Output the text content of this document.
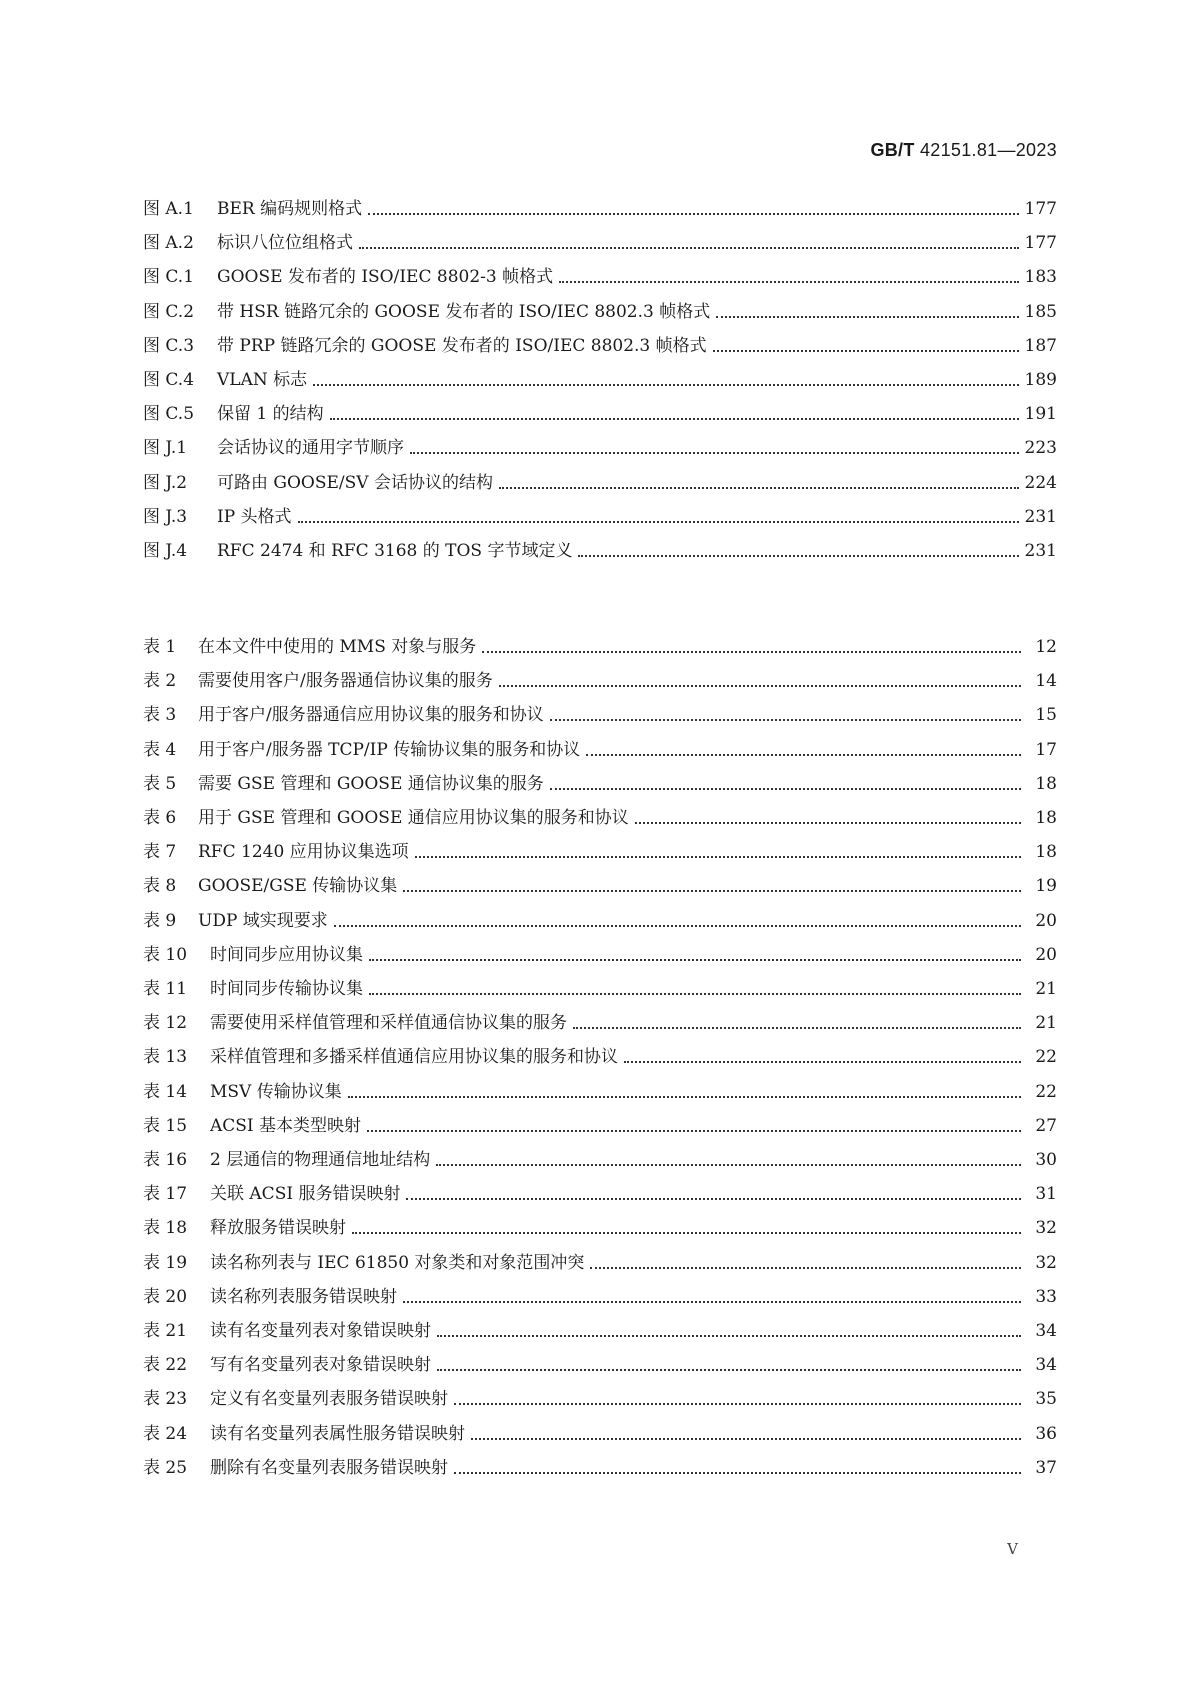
GB/T 42151.81—2023
图 A.1	BER 编码规则格式	177
图 A.2	标识八位位组格式	177
图 C.1	GOOSE 发布者的 ISO/IEC 8802-3 帧格式	183
图 C.2	带 HSR 链路冗余的 GOOSE 发布者的 ISO/IEC 8802.3 帧格式	185
图 C.3	带 PRP 链路冗余的 GOOSE 发布者的 ISO/IEC 8802.3 帧格式	187
图 C.4	VLAN 标志	189
图 C.5	保留 1 的结构	191
图 J.1	会话协议的通用字节顺序	223
图 J.2	可路由 GOOSE/SV 会话协议的结构	224
图 J.3	IP 头格式	231
图 J.4	RFC 2474 和 RFC 3168 的 TOS 字节域定义	231
表 1	在本文件中使用的 MMS 对象与服务	12
表 2	需要使用客户/服务器通信协议集的服务	14
表 3	用于客户/服务器通信应用协议集的服务和协议	15
表 4	用于客户/服务器 TCP/IP 传输协议集的服务和协议	17
表 5	需要 GSE 管理和 GOOSE 通信协议集的服务	18
表 6	用于 GSE 管理和 GOOSE 通信应用协议集的服务和协议	18
表 7	RFC 1240 应用协议集选项	18
表 8	GOOSE/GSE 传输协议集	19
表 9	UDP 域实现要求	20
表 10	时间同步应用协议集	20
表 11	时间同步传输协议集	21
表 12	需要使用采样值管理和采样值通信协议集的服务	21
表 13	采样值管理和多播采样值通信应用协议集的服务和协议	22
表 14	MSV 传输协议集	22
表 15	ACSI 基本类型映射	27
表 16	2 层通信的物理通信地址结构	30
表 17	关联 ACSI 服务错误映射	31
表 18	释放服务错误映射	32
表 19	读名称列表与 IEC 61850 对象类和对象范围冲突	32
表 20	读名称列表服务错误映射	33
表 21	读有名变量列表对象错误映射	34
表 22	写有名变量列表对象错误映射	34
表 23	定义有名变量列表服务错误映射	35
表 24	读有名变量列表属性服务错误映射	36
表 25	删除有名变量列表服务错误映射	37
V
